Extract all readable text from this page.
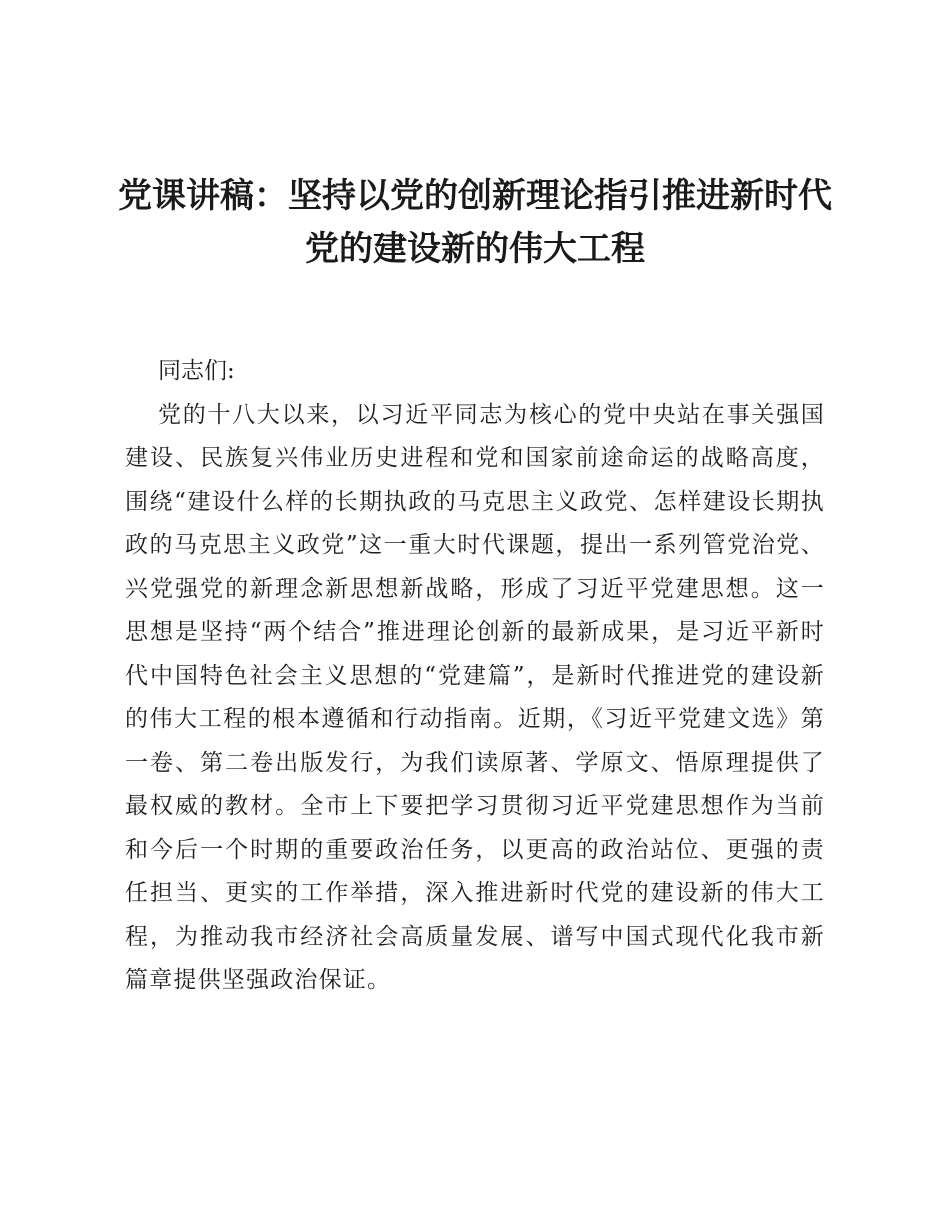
党课讲稿：坚持以党的创新理论指引推进新时代党的建设新的伟大工程

同志们:

党的十八大以来，以习近平同志为核心的党中央站在事关强国建设、民族复兴伟业历史进程和党和国家前途命运的战略高度，围绕“建设什么样的长期执政的马克思主义政党、怎样建设长期执政的马克思主义政党”这一重大时代课题，提出一系列管党治党、兴党强党的新理念新思想新战略，形成了习近平党建思想。这一思想是坚持“两个结合”推进理论创新的最新成果，是习近平新时代中国特色社会主义思想的“党建篇”，是新时代推进党的建设新的伟大工程的根本遵循和行动指南。近期，《习近平党建文选》第一卷、第二卷出版发行，为我们读原著、学原文、悟原理提供了最权威的教材。全市上下要把学习贯彻习近平党建思想作为当前和今后一个时期的重要政治任务，以更高的政治站位、更强的责任担当、更实的工作举措，深入推进新时代党的建设新的伟大工程，为推动我市经济社会高质量发展、谱写中国式现代化我市新篇章提供坚强政治保证。
